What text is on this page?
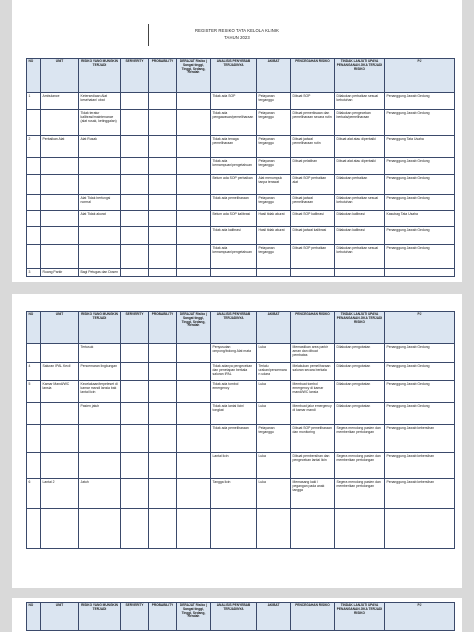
REGISTER RESIKO TATA KELOLA KLINIK
TAHUN 2023
NO	UNIT	RISIKO YANG MUNGKIN TERJADI	SERVERITY	PROBABILITY	DERAJAT Risiko ( Sangat tinggi, Tinggi, Sedang, Rendah	ANALISIS PENYEBAB TERJADINYA	AKIBAT	PENCEGAHAN RISIKO	TINDAK LANJUTI UPAYA PENANGANAN JIKA TERJADI RISIKO	PJ
1	Ambulance	Ketersediaan Alat kesehatan/ obat				Tidak ada SOP	Pelayanan terganggu	Dibuat SOP	Dilakukan perbaikan sesuai kebutuhan	Penanggung Jawab Gedung
		Tidak teratur kalibrasi/maintenance (alat rusak, ketinggalan)				Tidak ada pengawasan/pemeliharaan	Pelayanan terganggu	Dibuat pemeriksaan dan pemeliharaan secara rutin	Dilakukan pengecekan berkala/pemeliharaan	Penanggung Jawab Gedung
2	Perbaikan Alat	Alat Rusak				Tidak ada tenaga pemeliharaan	Pelayanan terganggu	Dibuat jadwal pemeliharaan rutin	Dibuat alat atau diperbaiki	Penanggung Tata Usaha
						Tidak ada kemampuan/pengetahuan	Pelayanan terganggu	Dibuat pelatihan	Dibuat alat atau diperbaiki	Penanggung Jawab Gedung
						Belum ada SOP perbaikan	Alat menumpuk tanpa terawat	Dibuat SOP perbaikan alat	Dilakukan perbaikan	Penanggung Jawab Gedung
		Alat Tidak berfungsi normal				Tidak ada pemeliharaan	Pelayanan terganggu	Dibuat jadwal pemeliharaan	Dilakukan perbaikan sesuai kebutuhan	Penanggung Jawab Gedung
		Alat Tidak akurat				Belum ada SOP kalibrasi	Hasil tidak akurat	Dibuat SOP kalibrasi	Dilakukan kalibrasi	Kasubag Tata Usaha
						Tidak ada kalibrasi	Hasil tidak akurat	Dibuat jadwal kalibrasi	Dilakukan kalibrasi	Penanggung Jawab Gedung
						Tidak ada kemampuan/pengetahuan	Pelayanan terganggu	Dibuat SOP perbaikan	Dilakukan perbaikan sesuai kebutuhan	Penanggung Jawab Gedung
3	Ruang Parkir	Bagi Petugas dan Dosen								
NO	UNIT	RISIKO YANG MUNGKIN TERJADI	SERVERITY	PROBABILITY	DERAJAT Risiko ( Sangat tinggi, Tinggi, Sedang, Rendah	ANALISIS PENYEBAB TERJADINYA	AKIBAT	PENCEGAHAN RISIKO	TINDAK LANJUTI UPAYA PENANGANAN JIKA TERJADI RISIKO	PJ
		Tertusuk				Penyusutan ompong/bolong Alat mata	Luka	Memastikan area parkir aman dan dibuat pembatas	Dilakukan pengobatan	Penanggung Jawab Gedung
4	Saluran IPAL Kecil	Pencemaran lingkungan				Tidak adanya pengecekan dan penetapan berkala saluran IPAL	Terlalu urakan/pencemaran udara	Melakukan pemeliharaan saluran secara berkala	Dilakukan pengobatan	Penanggung Jawab Gedung
5	Kamar Mandi/WC lansia	Kecelakaan/terpeleset di kamar mandi lansia bak lantai licin				Tidak ada tombol emergency	Luka	Membuat tombol emergency di kamar mandi/WC lansia	Dilakukan pengobatan	Penanggung Jawab Gedung
		Pasien jatuh				Tidak ada lantai licin/ tongkat	Luka	Membuat jalur emergency di kamar mandi	Dilakukan pengobatan	Penanggung Jawab Gedung
						Tidak ada pemeliharaan	Pelayanan terganggu	Dibuat SOP pemeliharaan dan monitoring	Segera menolong pasien dan memberikan pertolongan	Penanggung Jawab kebersihan
						Lantai licin	Luka	Dibuat pembersihan dan pengecekan lantai licin	Segera menolong pasien dan memberikan pertolongan	Penanggung Jawab kebersihan
6	Lantai 2	Jatuh				Tangga licin	Luka	Memasang kaki / pegangan pada anak tangga	Segera menolong pasien dan memberikan pertolongan	Penanggung Jawab kebersihan

NO	UNIT	RISIKO YANG MUNGKIN TERJADI	SERVERITY	PROBABILITY	DERAJAT Risiko ( Sangat tinggi, Tinggi, Sedang, Rendah	ANALISIS PENYEBAB TERJADINYA	AKIBAT	PENCEGAHAN RISIKO	TINDAK LANJUTI UPAYA PENANGANAN JIKA TERJADI RISIKO	PJ
